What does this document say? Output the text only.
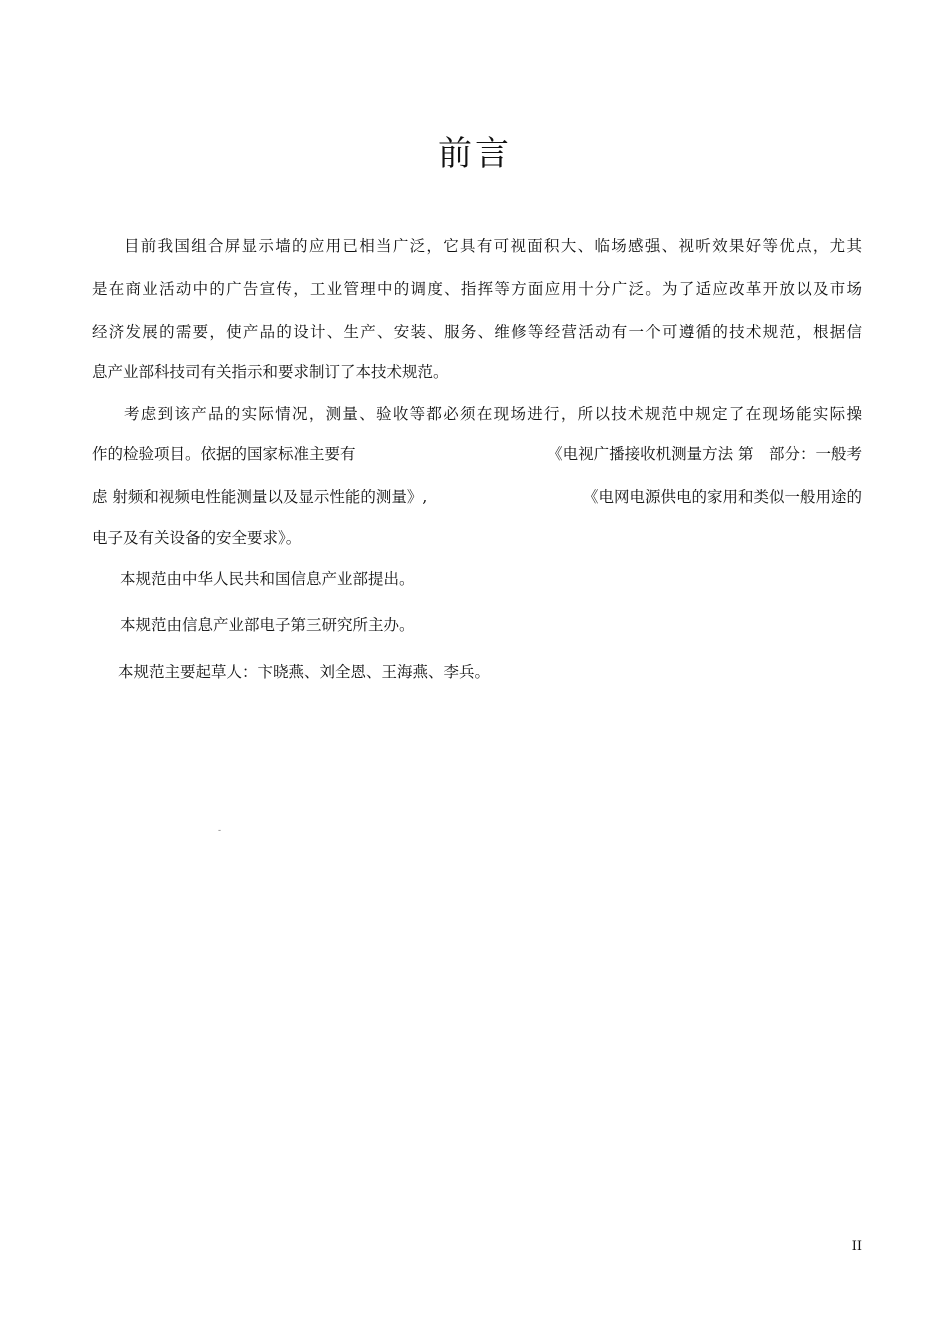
前言
目前我国组合屏显示墙的应用已相当广泛，它具有可视面积大、临场感强、视听效果好等优点，尤其
是在商业活动中的广告宣传，工业管理中的调度、指挥等方面应用十分广泛。为了适应改革开放以及市场
经济发展的需要，使产品的设计、生产、安装、服务、维修等经营活动有一个可遵循的技术规范，根据信
息产业部科技司有关指示和要求制订了本技术规范。
考虑到该产品的实际情况，测量、验收等都必须在现场进行，所以技术规范中规定了在现场能实际操
作的检验项目。依据的国家标准主要有	《电视广播接收机测量方法 第　部分：一般考
虑 射频和视频电性能测量以及显示性能的测量》,	《电网电源供电的家用和类似一般用途的
电子及有关设备的安全要求》。
本规范由中华人民共和国信息产业部提出。
本规范由信息产业部电子第三研究所主办。
本规范主要起草人：卞晓燕、刘全恩、王海燕、李兵。
-
II
